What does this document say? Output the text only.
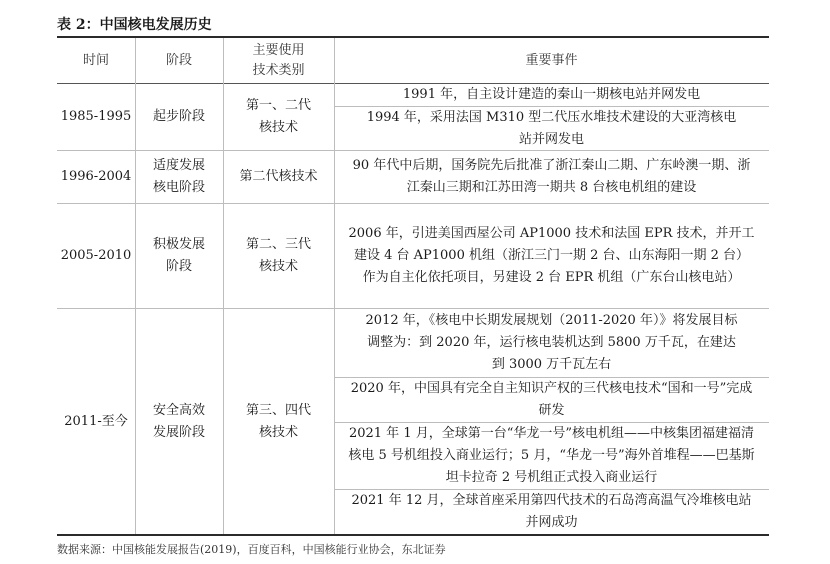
表 2：中国核电发展历史
时间	阶段
主要使用技术类别
重要事件
1985-1995	起步阶段
第一、二代核技术
1991 年，自主设计建造的秦山一期核电站并网发电
1994 年，采用法国 M310 型二代压水堆技术建设的大亚湾核电站并网发电
1996-2004
适度发展核电阶段
第二代核技术
90 年代中后期，国务院先后批准了浙江秦山二期、广东岭澳一期、浙江秦山三期和江苏田湾一期共 8 台核电机组的建设
2005-2010
积极发展阶段
第二、三代核技术
2006 年，引进美国西屋公司 AP1000 技术和法国 EPR 技术，并开工建设 4 台 AP1000 机组（浙江三门一期 2 台、山东海阳一期 2 台）作为自主化依托项目，另建设 2 台 EPR 机组（广东台山核电站）
2011-至今
安全高效发展阶段
第三、四代核技术
2012 年，《核电中长期发展规划（2011-2020 年）》将发展目标调整为：到 2020 年，运行核电装机达到 5800 万千瓦，在建达到 3000 万千瓦左右
2020 年，中国具有完全自主知识产权的三代核电技术“国和一号”完成研发
2021 年 1 月，全球第一台“华龙一号”核电机组——中核集团福建福清核电 5 号机组投入商业运行；5 月，“华龙一号”海外首堆程——巴基斯坦卡拉奇 2 号机组正式投入商业运行
2021 年 12 月，全球首座采用第四代技术的石岛湾高温气冷堆核电站并网成功
数据来源：中国核能发展报告(2019)，百度百科，中国核能行业协会，东北证券
